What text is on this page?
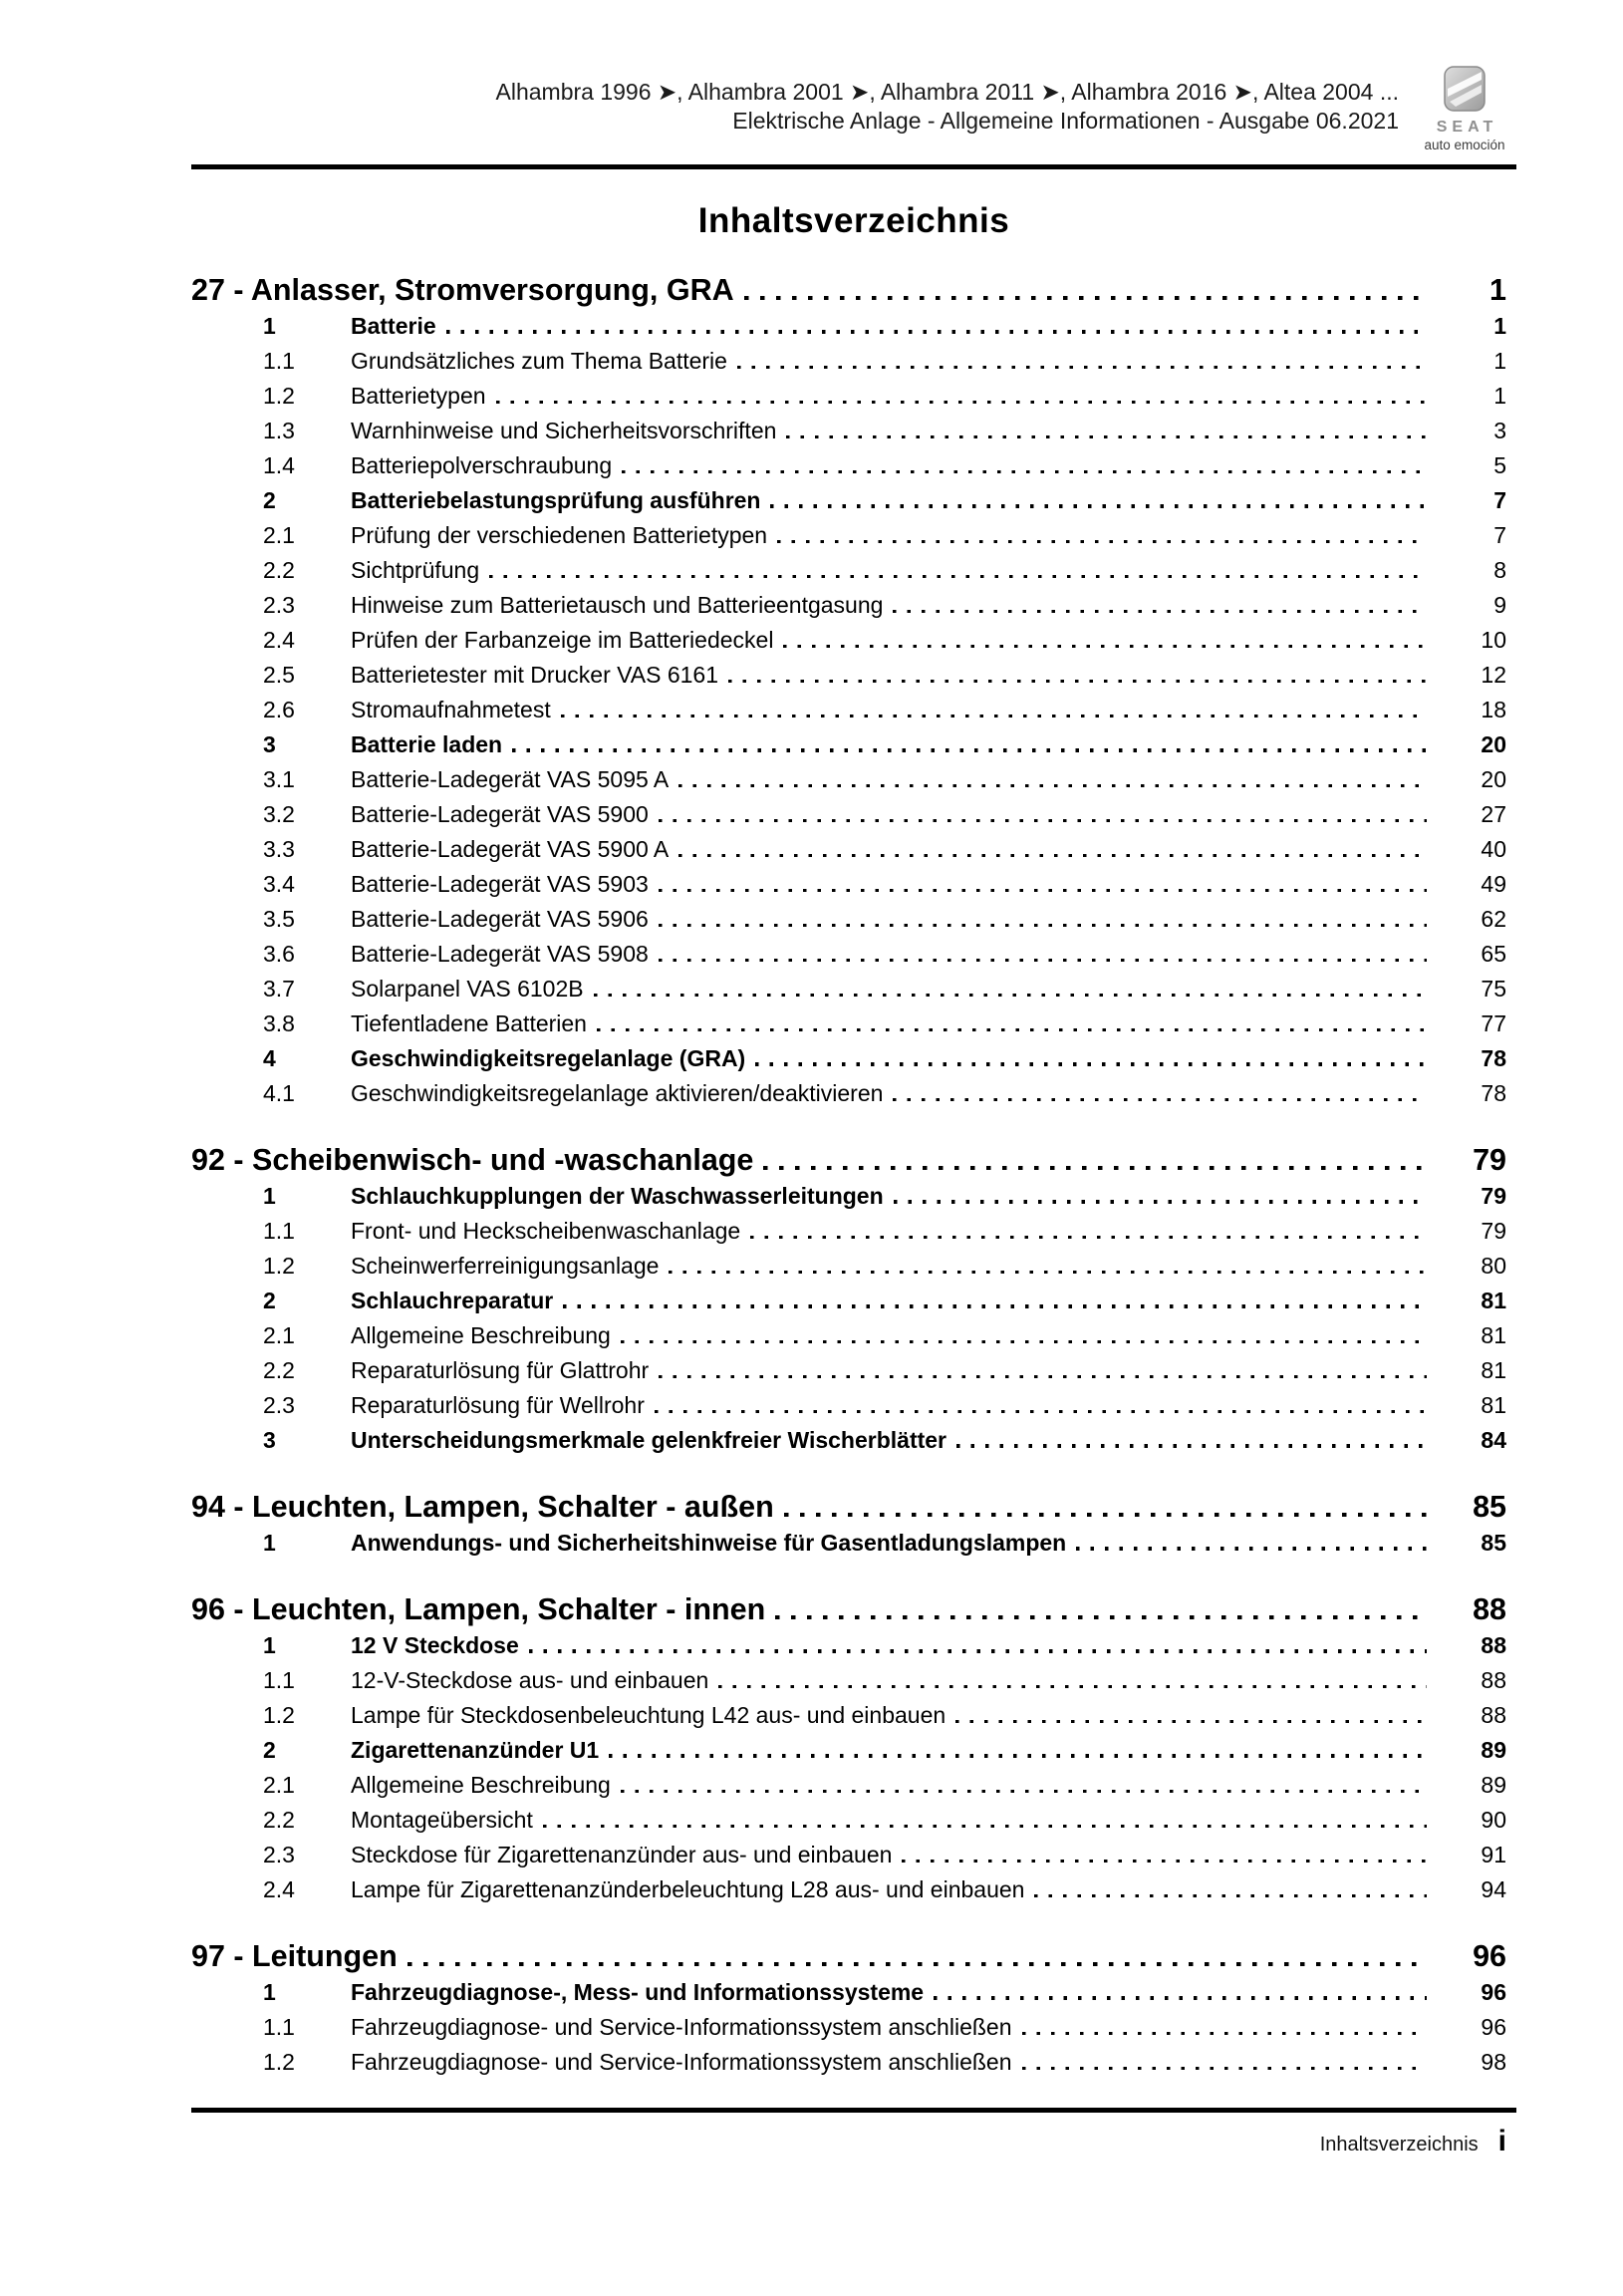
Alhambra 1996 ➤, Alhambra 2001 ➤, Alhambra 2011 ➤, Alhambra 2016 ➤, Altea 2004 ...
Elektrische Anlage - Allgemeine Informationen - Ausgabe 06.2021	SEAT
auto emoción
Inhaltsverzeichnis
27 - Anlasser, Stromversorgung, GRA	1
1	Batterie	1
1.1	Grundsätzliches zum Thema Batterie	1
1.2	Batterietypen	1
1.3	Warnhinweise und Sicherheitsvorschriften	3
1.4	Batteriepolverschraubung	5
2	Batteriebelastungsprüfung ausführen	7
2.1	Prüfung der verschiedenen Batterietypen	7
2.2	Sichtprüfung	8
2.3	Hinweise zum Batterietausch und Batterieentgasung	9
2.4	Prüfen der Farbanzeige im Batteriedeckel	10
2.5	Batterietester mit Drucker VAS 6161	12
2.6	Stromaufnahmetest	18
3	Batterie laden	20
3.1	Batterie-Ladegerät VAS 5095 A	20
3.2	Batterie-Ladegerät VAS 5900	27
3.3	Batterie-Ladegerät VAS 5900 A	40
3.4	Batterie-Ladegerät VAS 5903	49
3.5	Batterie-Ladegerät VAS 5906	62
3.6	Batterie-Ladegerät VAS 5908	65
3.7	Solarpanel VAS 6102B	75
3.8	Tiefentladene Batterien	77
4	Geschwindigkeitsregelanlage (GRA)	78
4.1	Geschwindigkeitsregelanlage aktivieren/deaktivieren	78
92 - Scheibenwisch- und -waschanlage	79
1	Schlauchkupplungen der Waschwasserleitungen	79
1.1	Front- und Heckscheibenwaschanlage	79
1.2	Scheinwerferreinigungsanlage	80
2	Schlauchreparatur	81
2.1	Allgemeine Beschreibung	81
2.2	Reparaturlösung für Glattrohr	81
2.3	Reparaturlösung für Wellrohr	81
3	Unterscheidungsmerkmale gelenkfreier Wischerblätter	84
94 - Leuchten, Lampen, Schalter - außen	85
1	Anwendungs- und Sicherheitshinweise für Gasentladungslampen	85
96 - Leuchten, Lampen, Schalter - innen	88
1	12 V Steckdose	88
1.1	12-V-Steckdose aus- und einbauen	88
1.2	Lampe für Steckdosenbeleuchtung L42 aus- und einbauen	88
2	Zigarettenanzünder U1	89
2.1	Allgemeine Beschreibung	89
2.2	Montageübersicht	90
2.3	Steckdose für Zigarettenanzünder aus- und einbauen	91
2.4	Lampe für Zigarettenanzünderbeleuchtung L28 aus- und einbauen	94
97 - Leitungen	96
1	Fahrzeugdiagnose-, Mess- und Informationssysteme	96
1.1	Fahrzeugdiagnose- und Service-Informationssystem anschließen	96
1.2	Fahrzeugdiagnose- und Service-Informationssystem anschließen	98
Inhaltsverzeichnis i
